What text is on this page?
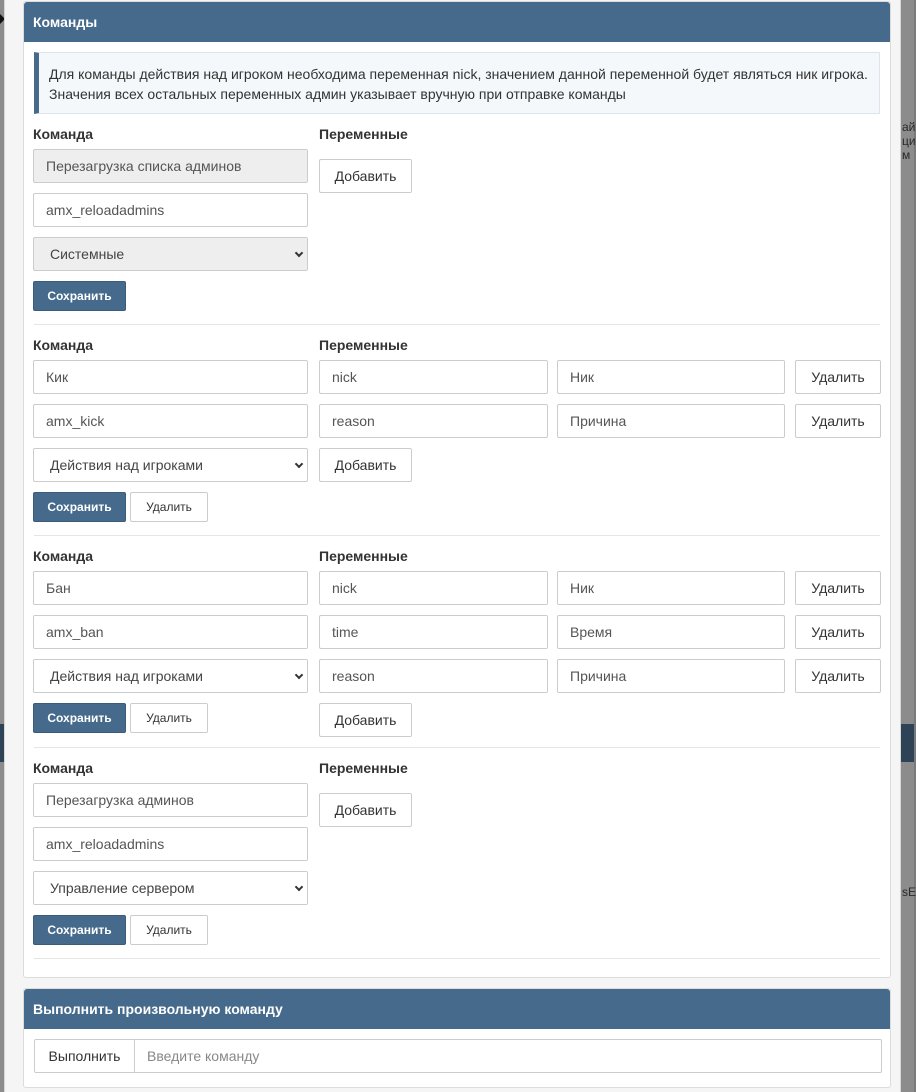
ай
ци
м
sE
Команды
Для команды действия над игроком необходима переменная nick, значением данной переменной будет являться ник игрока. Значения всех остальных переменных админ указывает вручную при отправке команды
Команда	Переменные
Перезагрузка списка админов
amx_reloadadmins
Системные
Сохранить
Добавить
Команда	Переменные
Кик
amx_kick
Действия над игроками
Сохранить	Удалить
nick	Ник	Удалить
reason	Причина	Удалить
Добавить
Команда	Переменные
Бан
amx_ban
Действия над игроками
Сохранить	Удалить
nick	Ник	Удалить
time	Время	Удалить
reason	Причина	Удалить
Добавить
Команда	Переменные
Перезагрузка админов
amx_reloadadmins
Управление сервером
Сохранить	Удалить
Добавить
Выполнить произвольную команду
Выполнить	Введите команду
